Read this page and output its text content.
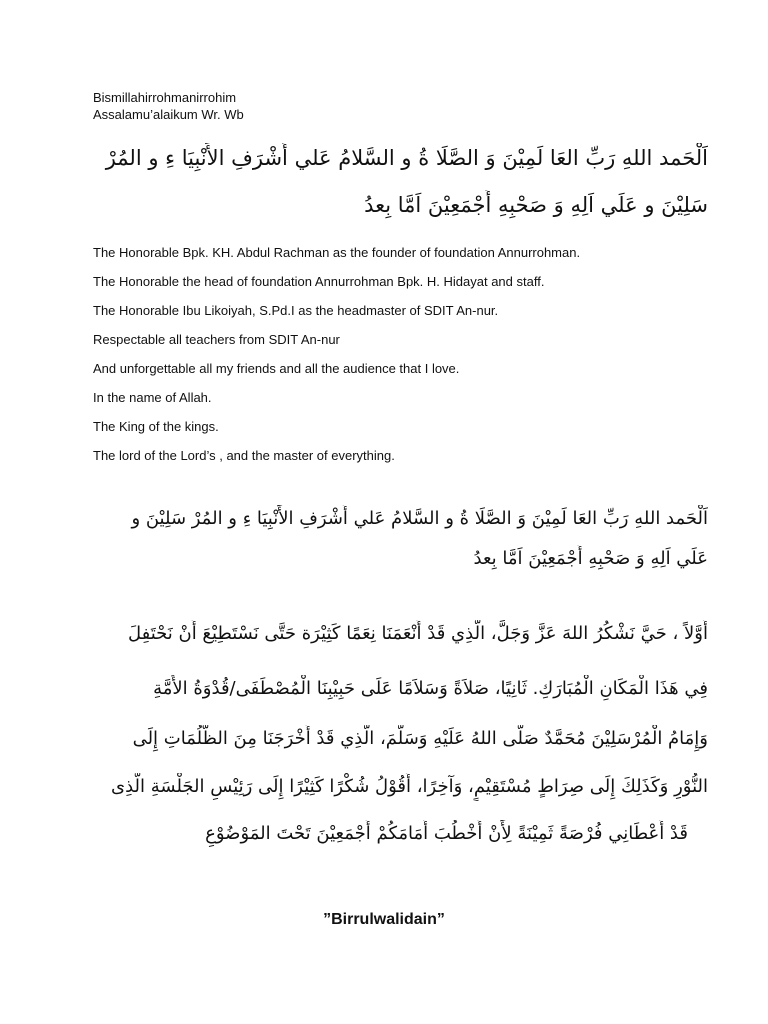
Bismillahirrohmanirrohim
Assalamu’alaikum Wr. Wb
اَلْحَمد اللهِ رَبِّ العَا لَمِيْنَ وَ الصَّلَا ةُ و السَّلامُ عَلي أَشْرَفِ الأَنْبِيَا ءِ و المُرْ
سَلِيْنَ و عَلَي اَلِهِ وَ صَحْبِهِ أَجْمَعِيْنَ اَمَّا بِعدُ
The Honorable Bpk. KH. Abdul Rachman as the founder of foundation Annurrohman.
The Honorable the head of foundation Annurrohman Bpk. H. Hidayat and staff.
The Honorable Ibu Likoiyah, S.Pd.I as the headmaster of SDIT An-nur.
Respectable all teachers from SDIT An-nur
And unforgettable all my friends and all the audience that I love.
In the name of Allah.
The King of the kings.
The lord of the Lord’s , and the master of everything.
اَلْحَمد اللهِ رَبِّ العَا لَمِيْنَ وَ الصَّلَا ةُ و السَّلامُ عَلي أَشْرَفِ الأَنْبِيَا ءِ و المُرْ سَلِيْنَ و
عَلَي اَلِهِ وَ صَحْبِهِ أَجْمَعِيْنَ اَمَّا بِعدُ
أَوَّلاً ، حَيَّ نَشْكُرُ اللهَ عَزَّ وَجَلَّ، الَّذِي قَدْ أَنْعَمَنَا نِعَمًا كَثِيْرَة حَتَّى نَسْتَطِيْعَ أَنْ نَحْتَفِلَ
فِي هَذَا الْمَكَانِ الْمُبَارَكِ. ثَانِيًا، صَلاَةً وَسَلاَمًا عَلَى حَبِيْبِنَا الْمُصْطَفَى/قُدْوَةُ الأُمَّةِ
وَإِمَامُ الْمُرْسَلِيْنَ مُحَمَّدٌ صَلَّى اللهُ عَلَيْهِ وَسَلَّمَ، الَّذِي قَدْ أَخْرَجَنَا مِنَ الظُّلُمَاتِ إِلَى
النُّوْرِ وَكَذَلِكَ إِلَى صِرَاطٍ مُسْتَقِيْمٍ، وَآخِرًا، أَقُوْلُ شُكْرًا كَثِيْرًا إِلَى رَئِيْسِ الجَلْسَةِ الَّذِى
قَدْ أَعْطَانِي فُرْصَةً ثَمِيْنَةً لِأَنْ أَخْطُبَ أَمَامَكُمْ أَجْمَعِيْنَ تَحْتَ المَوْضُوْعِ
”Birrulwalidain”
